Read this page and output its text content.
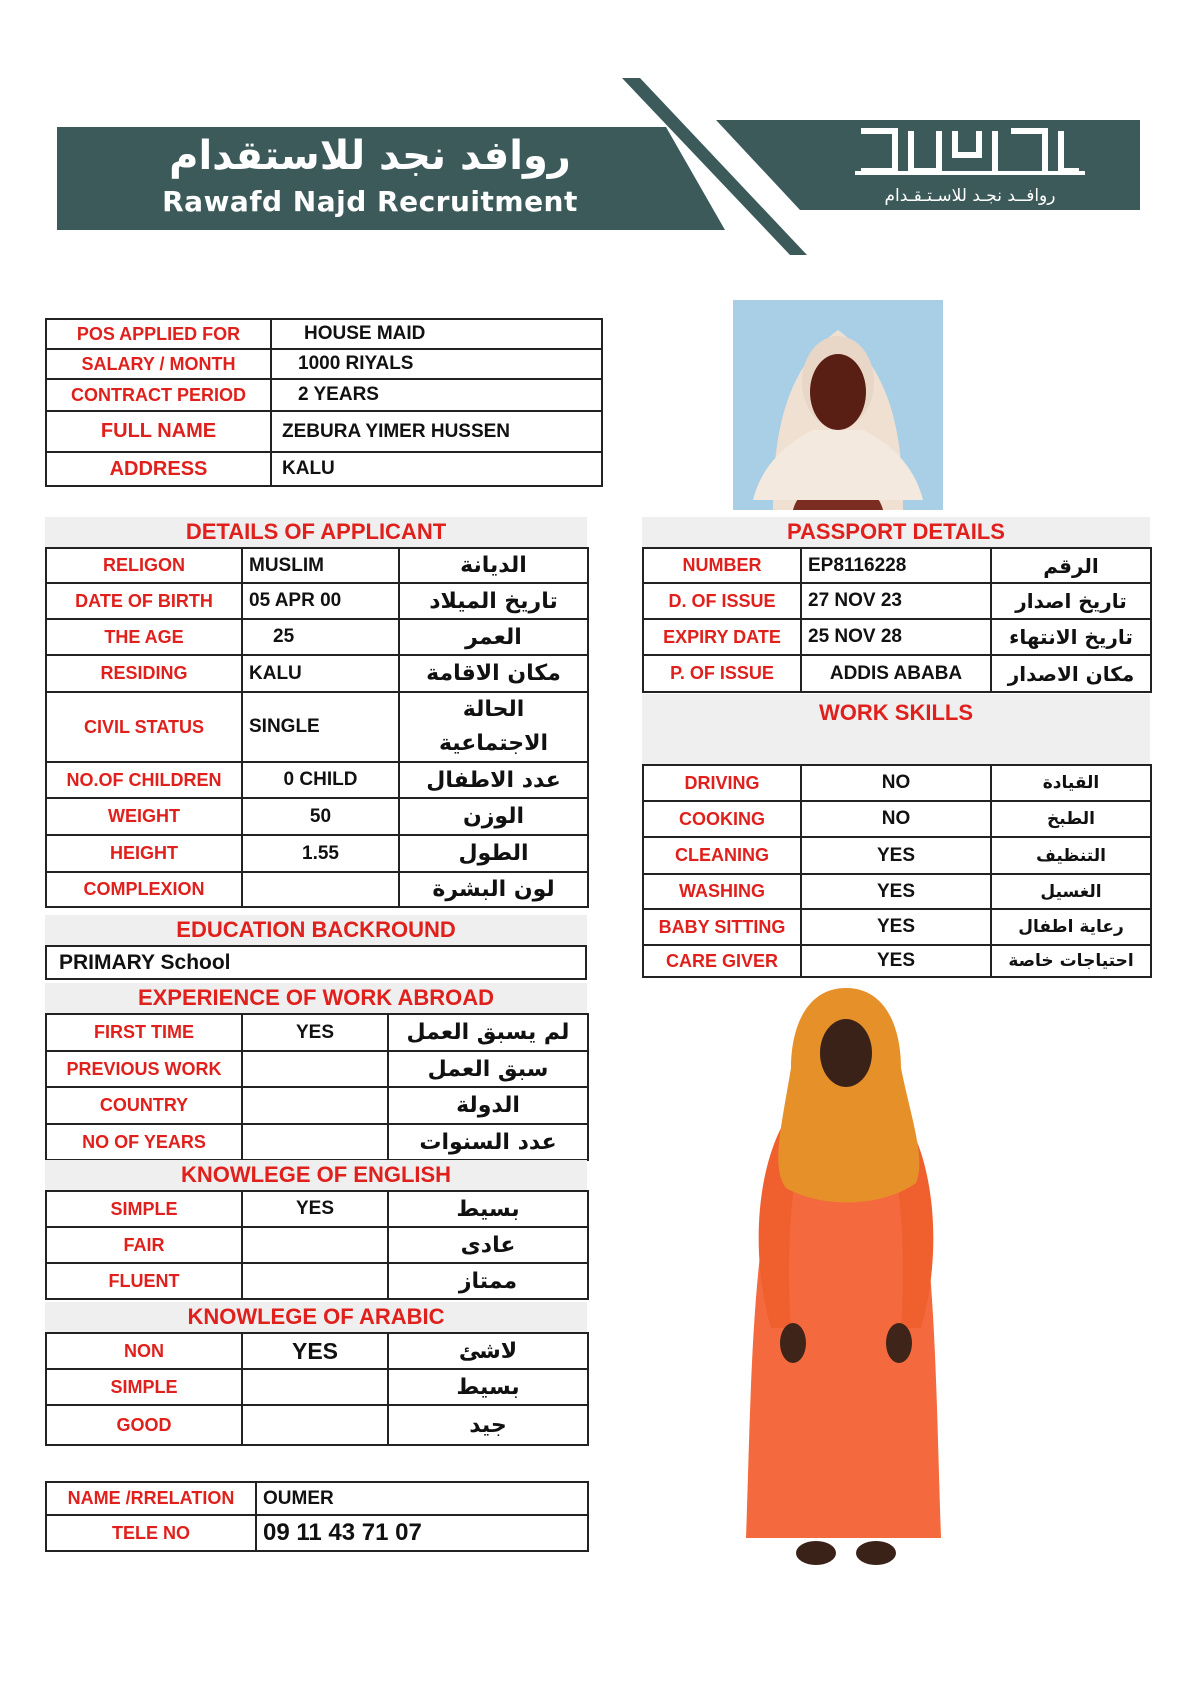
روافد نجد للاستقدام
Rawafd Najd Recruitment	روافــد نجـد للاسـتـقـدام
POS APPLIED FOR	HOUSE MAID
SALARY / MONTH	1000 RIYALS
CONTRACT PERIOD	2 YEARS
FULL NAME	ZEBURA YIMER HUSSEN
ADDRESS	KALU
DETAILS OF APPLICANT
RELIGON	MUSLIM	الديانة
DATE OF BIRTH	05 APR 00	تاريخ الميلاد
THE AGE	25	العمر
RESIDING	KALU	مكان الاقامة
CIVIL STATUS	SINGLE	الحالة الاجتماعية
NO.OF CHILDREN	0 CHILD	عدد الاطفال
WEIGHT	50	الوزن
HEIGHT	1.55	الطول
COMPLEXION		لون البشرة
EDUCATION BACKROUND
PRIMARY School
EXPERIENCE OF WORK ABROAD
FIRST TIME	YES	لم يسبق العمل
PREVIOUS WORK		سبق العمل
COUNTRY		الدولة
NO OF YEARS		عدد السنوات
KNOWLEGE OF ENGLISH
SIMPLE	YES	بسيط
FAIR		عادى
FLUENT		ممتاز
KNOWLEGE OF ARABIC
NON	YES	لاشئ
SIMPLE		بسيط
GOOD		جيد
NAME /RRELATION	OUMER
TELE NO	09 11 43 71 07
PASSPORT DETAILS
NUMBER	EP8116228	الرقم
D. OF ISSUE	27 NOV 23	تاريخ اصدار
EXPIRY DATE	25 NOV 28	تاريخ الانتهاء
P. OF ISSUE	ADDIS ABABA	مكان الاصدار
WORK SKILLS
DRIVING	NO	القيادة
COOKING	NO	الطبخ
CLEANING	YES	التنظيف
WASHING	YES	الغسيل
BABY SITTING	YES	رعاية اطفال
CARE GIVER	YES	احتياجات خاصة
